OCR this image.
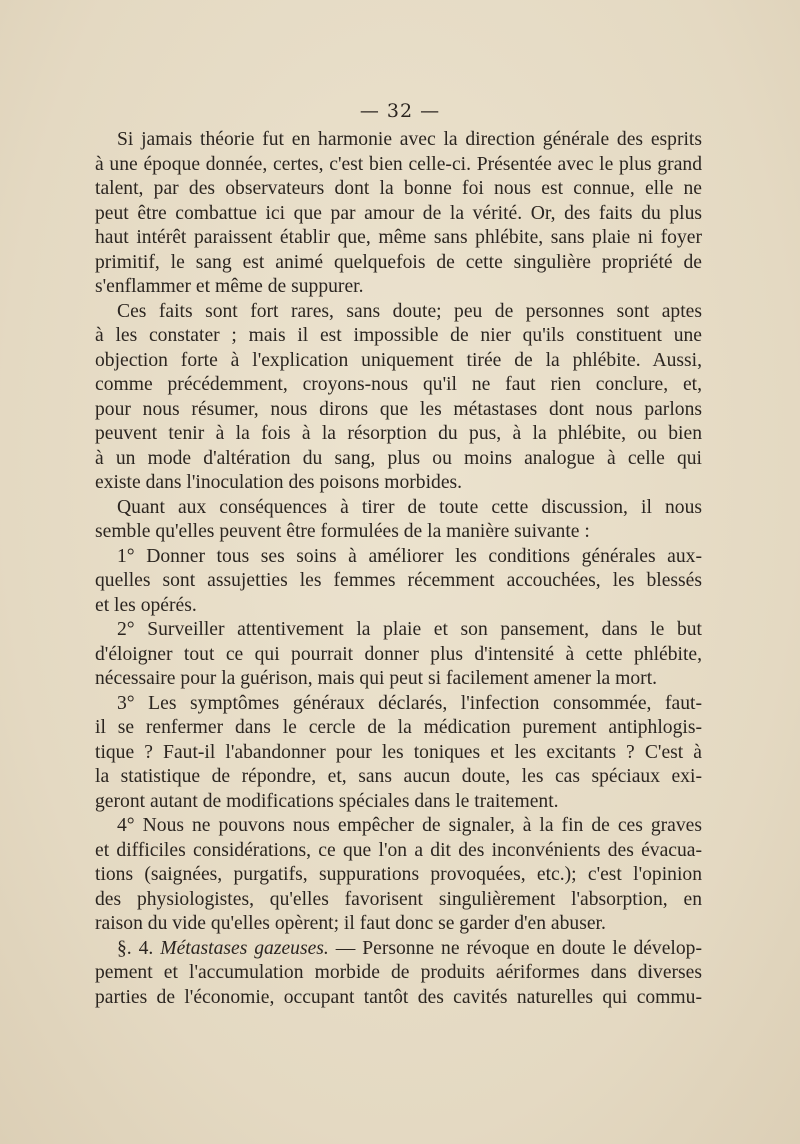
— 32 —

Si jamais théorie fut en harmonie avec la direction générale des esprits
à une époque donnée, certes, c'est bien celle-ci. Présentée avec le plus grand
talent, par des observateurs dont la bonne foi nous est connue, elle ne
peut être combattue ici que par amour de la vérité. Or, des faits du plus
haut intérêt paraissent établir que, même sans phlébite, sans plaie ni foyer
primitif, le sang est animé quelquefois de cette singulière propriété de
s'enflammer et même de suppurer.

Ces faits sont fort rares, sans doute; peu de personnes sont aptes
à les constater ; mais il est impossible de nier qu'ils constituent une
objection forte à l'explication uniquement tirée de la phlébite. Aussi,
comme précédemment, croyons-nous qu'il ne faut rien conclure, et,
pour nous résumer, nous dirons que les métastases dont nous parlons
peuvent tenir à la fois à la résorption du pus, à la phlébite, ou bien
à un mode d'altération du sang, plus ou moins analogue à celle qui
existe dans l'inoculation des poisons morbides.

Quant aux conséquences à tirer de toute cette discussion, il nous
semble qu'elles peuvent être formulées de la manière suivante :

1° Donner tous ses soins à améliorer les conditions générales aux-
quelles sont assujetties les femmes récemment accouchées, les blessés
et les opérés.

2° Surveiller attentivement la plaie et son pansement, dans le but
d'éloigner tout ce qui pourrait donner plus d'intensité à cette phlébite,
nécessaire pour la guérison, mais qui peut si facilement amener la mort.

3° Les symptômes généraux déclarés, l'infection consommée, faut-
il se renfermer dans le cercle de la médication purement antiphlogis-
tique ? Faut-il l'abandonner pour les toniques et les excitants ? C'est à
la statistique de répondre, et, sans aucun doute, les cas spéciaux exi-
geront autant de modifications spéciales dans le traitement.

4° Nous ne pouvons nous empêcher de signaler, à la fin de ces graves
et difficiles considérations, ce que l'on a dit des inconvénients des évacua-
tions (saignées, purgatifs, suppurations provoquées, etc.); c'est l'opinion
des physiologistes, qu'elles favorisent singulièrement l'absorption, en
raison du vide qu'elles opèrent; il faut donc se garder d'en abuser.

§. 4. Métastases gazeuses. — Personne ne révoque en doute le dévelop-
pement et l'accumulation morbide de produits aériformes dans diverses
parties de l'économie, occupant tantôt des cavités naturelles qui commu-
